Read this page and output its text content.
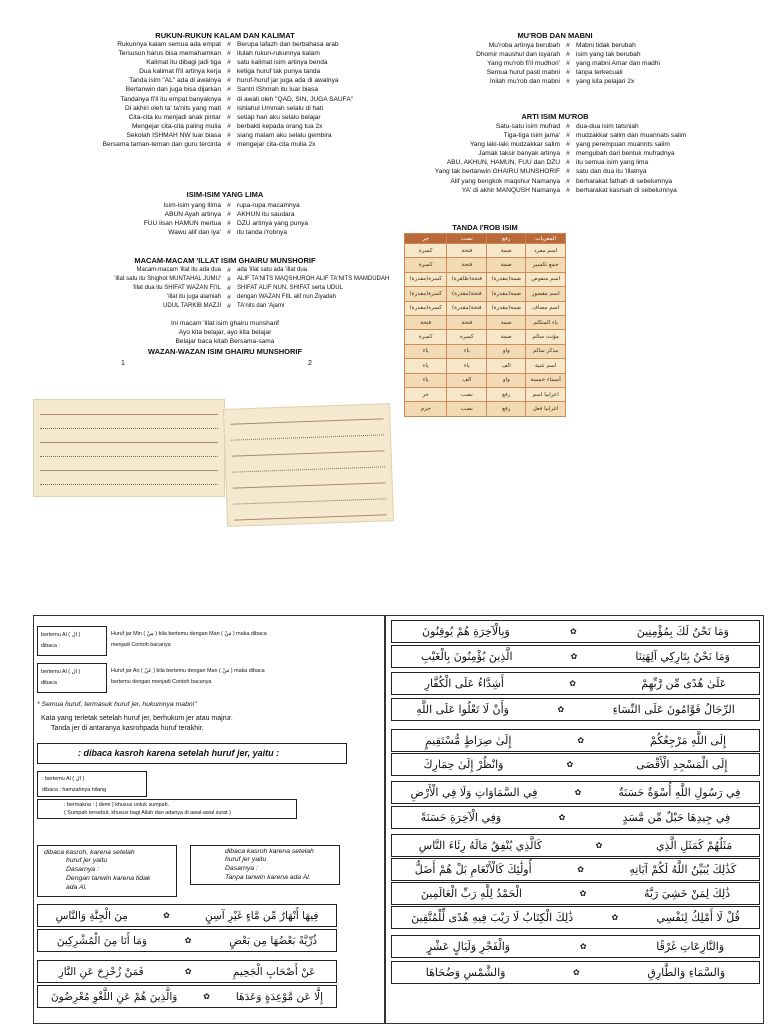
RUKUN-RUKUN KALAM DAN KALIMAT
Rukunnya kalam semua ada empat # Berupa lafazh dan berbahasa arab
Tersusun harus bisa memahamkan # itulah rukun-rukunnya kalam
Kalimat itu dibagi jadi tiga # satu kalimat isim artinya benda
Dua kalimat fi'il artinya kerja # ketiga huruf tak punya tanda
Tanda isim "AL" ada di awalnya # huruf-huruf jar juga ada di awalnya
Bertanwin dan juga bisa dijarkan # Santri IShmah itu luar biasa
Tandanya fi'il itu empat banyaknya # di awali oleh "QAD, SIN, JUGA SAUFA"
Di akhiri oleh ta' ta'nits yang mati # Ishlahul Ummah selalu di hati
Cita-cita ku menjadi anak pintar # setiap hari aku selalu belajar
Mengejar cita-cita paling mulia # berbakti kepada orang tua 2x
Sekolah ISHMAH NW luar biasa # siang malam aku selalu gembira
Bersama taman-teman dan guru tercinta # mengejar cita-cita mulia 2x
ISIM-ISIM YANG LIMA
Isim-isim yang llima # rupa-rupa macamnya
ABUN Ayah artinya # AKHUN itu saudara
FUU lisan HAMUN mertua # DZU artinya yang punya
Wawu alif dan iya' # itu tanda i'robnya
MACAM-MACAM 'ILLAT ISIM GHAIRU MUNSHORIF
Macam-macam 'illat itu ada dua #	ada 'illat satu ada 'illat dua
'illat satu itu Shighot MUNTAHAL JUMU' #	ALIF TA'NITS MAQSHUROH ALIF TA'NITS MAMDUDAH
'illat dua itu SHIFAT WAZAN FI'IL #	SHIFAT ALIF NUN, SHIFAT serta UDUL
'illat itu juga alamiah #	dengan WAZAN FIIL alif nun Ziyadah
UDUL TARKIB MAZJI #	TA'nits dan 'Ajami
Ini macam 'illat isim ghairu munsharif
Ayo kita belajar, ayo kita belajar
Belajar baca kitab Bersama-sama
WAZAN-WAZAN ISIM GHAIRU MUNSHORIF
1	2
MU'ROB DAN MABNI
Mu'roba artinya berubah # Mabni tidak berubah
Dhomir maushul dan isyarah # isim yang tak berubah
Yang mu'rob fi'il mudhori' # yang mabni Amar dan madhi
Semua huruf pasti mabni # tanpa terkecuali
Inilah mu'rob dan mabni # yang kita pelajari 2x
ARTI ISIM MU'ROB
Satu-satu isim mufrad # dua-dua isim tatsniah
Tiga-tiga isim jama' # mudzakkar salim dan muannats salim
Yang laki-laki mudzakkar salim # yang perempuan muannts salim
Jamak taksir banyak artinya # mengubah dari bentuk mufradnya
ABU, AKHUN, HAMUN, FUU dan DZU # itu semua isim yang lima
Yang tak bertanwin GHAIRU MUNSHORIF # satu dan dua itu 'illatnya
Alif yang bengkok maqshur Namanya # berharakat fathah di sebelumnya
YA' di akhir MANQUSH Namanya # berharakat kasrsah di sebelumnya
TANDA I'ROB ISIM
جر	نصب	رفع	المعربات
كسرة	فتحة	ضمة	اسم مفرد
كسرة	فتحة	ضمة	جمع تكسير
كسرة(مقدرة)	فتحة(ظاهرة)	ضمة(مقدرة)	اسم منقوص
كسرة(مقدرة)	فتحة(مقدرة)	ضمة(مقدرة)	اسم مقصور
كسرة(مقدرة)	فتحة(مقدرة)	ضمة(مقدرة)	اسم مضاف
فتحة	فتحة	ضمة	ياء المتكلم
كسرة	كسرة	ضمة	مؤنث سالم
ياء	ياء	واو	مذكر سالم
ياء	ياء	الف	اسم تثنية
ياء	الف	واو	أسماء خمسة
جر	نصب	رفع	اعرابيا اسم
جزم	نصب	رفع	اعرابيا فعل
bertemu Al ( ال )
dibaca :
Huruf jar Min ( مِنْ ) bila bertemu dengan Man ( مَنْ ) maka dibaca
menjadi Contoh bacanya
bertemu Al ( ال )
dibaca
Huruf jar An ( عَنْ ) bila bertemu dengan Man ( مَنْ ) maka dibaca
bertemu dengan menjadi Contoh bacanya
* Semua huruf, termasuk huruf jer, hukumnya mabni"
Kata yang terletak setelah huruf jer, berhukum jer atau majrur.
Tanda jer di antaranya kasrohpada huruf terakhir.
: dibaca kasroh karena setelah huruf jer, yaitu :
: bertemu Al ( ال )
dibaca : hamzahnya hilang
: bermakna : ( demi ) khusus untuk sumpah.
( Sumpah tersebut, khusus bagi Allah dan adanya di awal-awal surat )
dibaca kasroh, karena setelah
huruf jer yaitu
Dasarnya :
Dengan tanwin karena tidak
ada Al.
dibaca kasroh karena setelah
huruf jer yaitu
Dasarnya :
Tanpa tanwin karena ada Al.
مِنَ الْجِنَّةِ وَالنَّاسِ	✿	فِيهَا أَنْهَارٌ مِّن مَّاءٍ غَيْرِ آسِنٍ
وَمَا أَنَا مِنَ الْمُشْرِكِينَ	✿	ذُرِّيَّةً بَعْضُهَا مِن بَعْضٍ
فَمَنْ زُحْزِحَ عَنِ النَّارِ	✿	عَنْ أَصْحَابِ الْجَحِيمِ
وَالَّذِينَ هُمْ عَنِ اللَّغْوِ مُعْرِضُونَ	✿ إِلَّا عَن مَّوْعِدَةٍ وَعَدَهَا
وَبِالْآخِرَةِ هُمْ يُوقِنُونَ	✿	وَمَا نَحْنُ لَكَ بِمُؤْمِنِينَ
الَّذِينَ يُؤْمِنُونَ بِالْغَيْبِ	✿	وَمَا نَحْنُ بِتَارِكِي آلِهَتِنَا
أَشِدَّاءُ عَلَى الْكُفَّارِ	✿	عَلَىٰ هُدًى مِّن رَّبِّهِمْ
وَأَنْ لَا تَعْلُوا عَلَى اللَّهِ	✿	الرِّجَالُ قَوَّامُونَ عَلَى النِّسَاءِ
إِلَىٰ صِرَاطٍ مُّسْتَقِيمٍ	✿	إِلَى اللَّهِ مَرْجِعُكُمْ
وَانْظُرْ إِلَىٰ حِمَارِكَ	✿	إِلَى الْمَسْجِدِ الْأَقْصَى
فِي السَّمَاوَاتِ وَلَا فِي الْأَرْضِ	✿	فِي رَسُولِ اللَّهِ أُسْوَةٌ حَسَنَةٌ
وَفِي الْآخِرَةِ حَسَنَةً	✿	فِي جِيدِهَا حَبْلٌ مِّن مَّسَدٍ
كَالَّذِي يُنْفِقُ مَالَهُ رِئَاءَ النَّاسِ	✿	مَثَلُهُمْ كَمَثَلِ الَّذِي
أُولَٰئِكَ كَالْأَنْعَامِ بَلْ هُمْ أَضَلُّ	✿	كَذَٰلِكَ يُبَيِّنُ اللَّهُ لَكُمْ آيَاتِهِ
الْحَمْدُ لِلَّهِ رَبِّ الْعَالَمِينَ	✿	ذَٰلِكَ لِمَنْ خَشِيَ رَبَّهُ
ذَٰلِكَ الْكِتَابُ لَا رَيْبَ فِيهِ هُدًى لِّلْمُتَّقِينَ	✿	قُلْ لَا أَمْلِكُ لِنَفْسِي
وَالْفَجْرِ وَلَيَالٍ عَشْرٍ	✿	وَالنَّازِعَاتِ غَرْقًا
وَالشَّمْسِ وَضُحَاهَا	✿	وَالسَّمَاءِ وَالطَّارِقِ
